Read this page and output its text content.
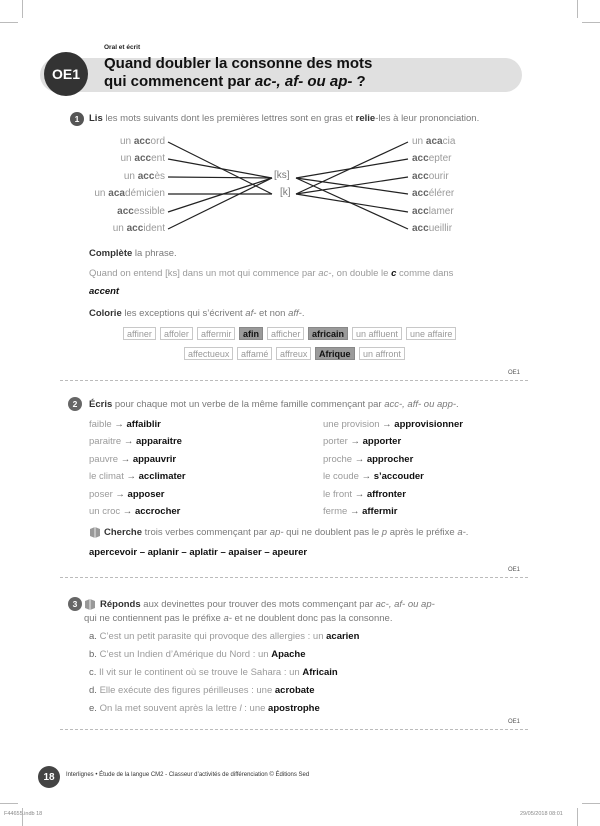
Oral et écrit
OE1
Quand doubler la consonne des mots
qui commencent par ac-, af- ou ap- ?
1	Lis les mots suivants dont les premières lettres sont en gras et relie-les à leur prononciation.
un accord
un accent
un accès
un académicien
accessible
un accident
un acacia
accepter
accourir
accélérer
acclamer
accueillir
[ks]
[k]
Complète la phrase.
Quand on entend [ks] dans un mot qui commence par ac-, on double le c comme dans
accent
Colorie les exceptions qui s’écrivent af- et non aff-.
affiner	affoler	affermir	afin	afficher	africain	un affluent	une affaire
affectueux	affamé	affreux	Afrique	un affront
OE1
2	Écris pour chaque mot un verbe de la même famille commençant par acc-, aff- ou app-.
faible → affaiblir
paraitre → apparaitre
pauvre → appauvrir
le climat → acclimater
poser → apposer
un croc → accrocher
une provision → approvisionner
porter → apporter
proche → approcher
le coude → s’accouder
le front → affronter
ferme → affermir
Cherche trois verbes commençant par ap- qui ne doublent pas le p après le préfixe a-.
apercevoir – aplanir – aplatir – apaiser – apeurer
OE1
3	Réponds aux devinettes pour trouver des mots commençant par ac-, af- ou ap-
qui ne contiennent pas le préfixe a- et ne doublent donc pas la consonne.
a. C’est un petit parasite qui provoque des allergies : un acarien
b. C’est un Indien d’Amérique du Nord : un Apache
c. Il vit sur le continent où se trouve le Sahara : un Africain
d. Elle exécute des figures périlleuses : une acrobate
e. On la met souvent après la lettre l : une apostrophe
OE1
18	Interlignes • Étude de la langue CM2 - Classeur d’activités de différenciation © Éditions Sed
F44655.indb 18	29/05/2018 08:01
